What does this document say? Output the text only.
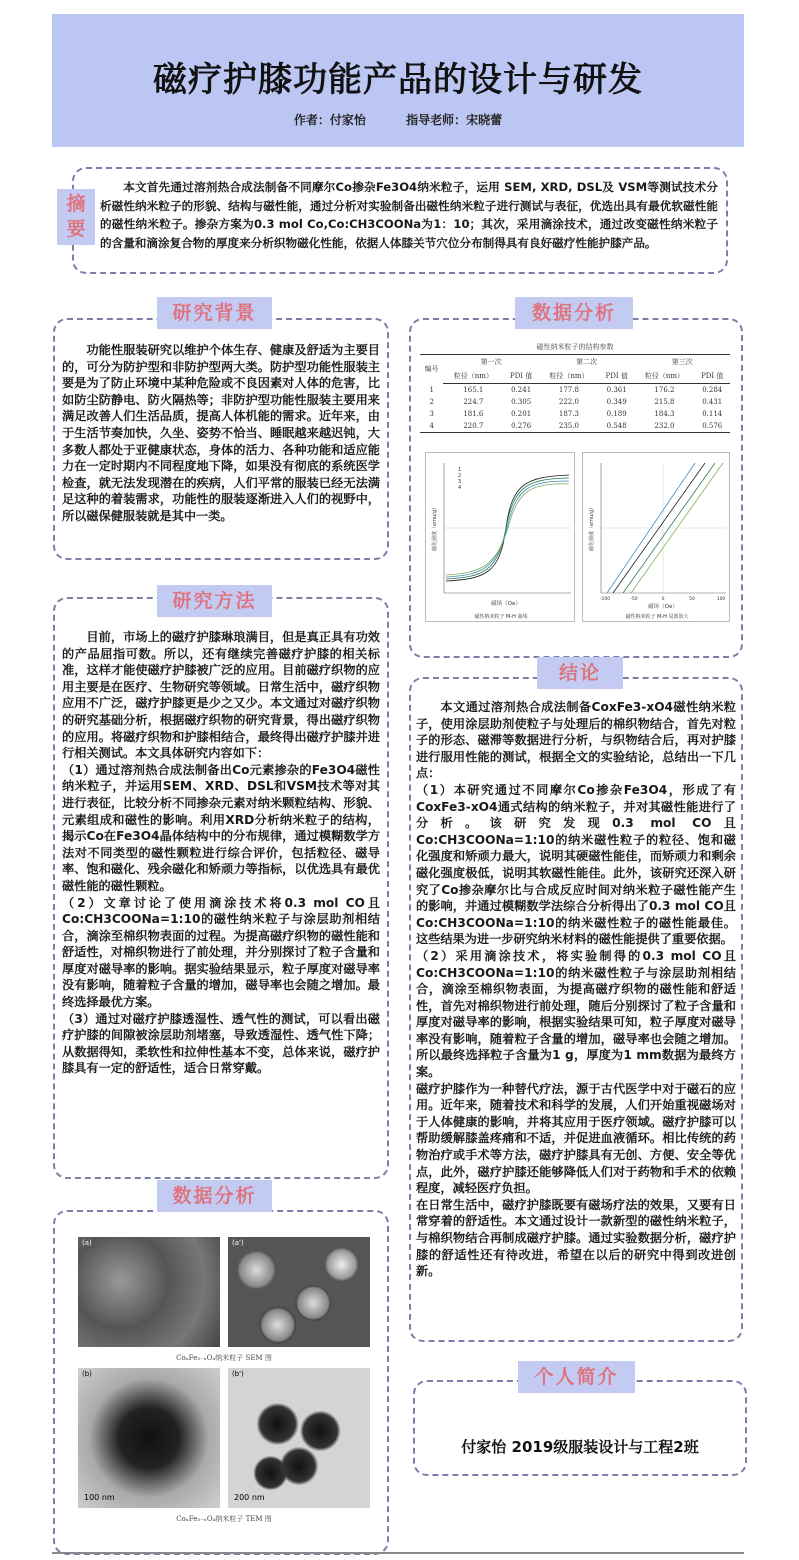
磁疗护膝功能产品的设计与研发
作者：付家怡	指导老师：宋晓蕾
摘要
本文首先通过溶剂热合成法制备不同摩尔Co掺杂Fe3O4纳米粒子，运用 SEM, XRD, DSL及 VSM等测试技术分析磁性纳米粒子的形貌、结构与磁性能，通过分析对实验制备出磁性纳米粒子进行测试与表征，优选出具有最优软磁性能的磁性纳米粒子。掺杂方案为0.3 mol Co,Co:CH3COONa为1：10；其次，采用滴涂技术，通过改变磁性纳米粒子的含量和滴涂复合物的厚度来分析织物磁化性能，依据人体膝关节穴位分布制得具有良好磁疗性能护膝产品。
研究背景
功能性服装研究以维护个体生存、健康及舒适为主要目的，可分为防护型和非防护型两大类。防护型功能性服装主要是为了防止环境中某种危险或不良因素对人体的危害，比如防尘防静电、防火隔热等；非防护型功能性服装主要用来满足改善人们生活品质，提高人体机能的需求。近年来，由于生活节奏加快，久坐、姿势不恰当、睡眠越来越迟钝，大多数人都处于亚健康状态，身体的活力、各种功能和适应能力在一定时期内不同程度地下降，如果没有彻底的系统医学检查，就无法发现潜在的疾病，人们平常的服装已经无法满足这种的着装需求，功能性的服装逐渐进入人们的视野中，所以磁保健服装就是其中一类。
研究方法

目前，市场上的磁疗护膝琳琅满目，但是真正具有功效的产品屈指可数。所以，还有继续完善磁疗护膝的相关标准，这样才能使磁疗护膝被广泛的应用。目前磁疗织物的应用主要是在医疗、生物研究等领域。日常生活中，磁疗织物应用不广泛，磁疗护膝更是少之又少。本文通过对磁疗织物的研究基础分析，根据磁疗织物的研究背景，得出磁疗织物的应用。将磁疗织物和护膝相结合，最终得出磁疗护膝并进行相关测试。本文具体研究内容如下：

（1）通过溶剂热合成法制备出Co元素掺杂的Fe3O4磁性纳米粒子，并运用SEM、XRD、DSL和VSM技术等对其进行表征，比较分析不同掺杂元素对纳米颗粒结构、形貌、元素组成和磁性的影响。利用XRD分析纳米粒子的结构，揭示Co在Fe3O4晶体结构中的分布规律，通过模糊数学方法对不同类型的磁性颗粒进行综合评价，包括粒径、磁导率、饱和磁化、残余磁化和矫顽力等指标，以优选具有最优磁性能的磁性颗粒。

（2）文章讨论了使用滴涂技术将0.3 mol CO且Co:CH3COONa=1:10的磁性纳米粒子与涂层助剂相结合，滴涂至棉织物表面的过程。为提高磁疗织物的磁性能和舒适性，对棉织物进行了前处理，并分别探讨了粒子含量和厚度对磁导率的影响。据实验结果显示，粒子厚度对磁导率没有影响，随着粒子含量的增加，磁导率也会随之增加。最终选择最优方案。

（3）通过对磁疗护膝透湿性、透气性的测试，可以看出磁疗护膝的间隙被涂层助剂堵塞，导致透湿性、透气性下降；从数据得知，柔软性和拉伸性基本不变，总体来说，磁疗护膝具有一定的舒适性，适合日常穿戴。

数据分析
(a)	(a')
CoₓFe₃₋ₓO₄纳米粒子 SEM 图
(b)
100 nm
(b')
200 nm
CoₓFe₃₋ₓO₄纳米粒子 TEM 图
数据分析
磁性纳米粒子的结构参数
编号	第一次		第二次		第三次	
	粒径（nm）	PDI 值	粒径（nm）	PDI 值	粒径（nm）	PDI 值
1	165.1	0.241	177.8	0.361	176.2	0.284
2	224.7	0.305	222.0	0.349	215.8	0.431
3	181.6	0.201	187.3	0.189	184.3	0.114
4	220.7	0.276	235.0	0.548	232.0	0.576
1
2
3
4
磁场（Oe）
磁化强度（emu/g）
磁性纳米粒子 M-H 曲线
-100	-50	0	50	100
磁场（Oe）
磁化强度（emu/g）
磁性纳米粒子 M-H 局部放大
结论

本文通过溶剂热合成法制备CoxFe3-xO4磁性纳米粒子，使用涂层助剂使粒子与处理后的棉织物结合，首先对粒子的形态、磁滞等数据进行分析，与织物结合后，再对护膝进行服用性能的测试，根据全文的实验结论，总结出一下几点：

（1）本研究通过不同摩尔Co掺杂Fe3O4，形成了有CoxFe3-xO4通式结构的纳米粒子，并对其磁性能进行了分析。该研究发现0.3 mol CO且Co:CH3COONa=1:10的纳米磁性粒子的粒径、饱和磁化强度和矫顽力最大，说明其硬磁性能佳，而矫顽力和剩余磁化强度极低，说明其软磁性能佳。此外，该研究还深入研究了Co掺杂摩尔比与合成反应时间对纳米粒子磁性能产生的影响，并通过模糊数学法综合分析得出了0.3 mol CO且Co:CH3COONa=1:10的纳米磁性粒子的磁性能最佳。这些结果为进一步研究纳米材料的磁性能提供了重要依据。

（2）采用滴涂技术，将实验制得的0.3 mol CO且Co:CH3COONa=1:10的纳米磁性粒子与涂层助剂相结合，滴涂至棉织物表面，为提高磁疗织物的磁性能和舒适性，首先对棉织物进行前处理，随后分别探讨了粒子含量和厚度对磁导率的影响，根据实验结果可知，粒子厚度对磁导率没有影响，随着粒子含量的增加，磁导率也会随之增加。所以最终选择粒子含量为1 g，厚度为1 mm数据为最终方案。

磁疗护膝作为一种替代疗法，源于古代医学中对于磁石的应用。近年来，随着技术和科学的发展，人们开始重视磁场对于人体健康的影响，并将其应用于医疗领域。磁疗护膝可以帮助缓解膝盖疼痛和不适，并促进血液循环。相比传统的药物治疗或手术等方法，磁疗护膝具有无创、方便、安全等优点，此外，磁疗护膝还能够降低人们对于药物和手术的依赖程度，减轻医疗负担。

在日常生活中，磁疗护膝既要有磁场疗法的效果，又要有日常穿着的舒适性。本文通过设计一款新型的磁性纳米粒子，与棉织物结合再制成磁疗护膝。通过实验数据分析，磁疗护膝的舒适性还有待改进，希望在以后的研究中得到改进创新。

个人简介
付家怡 2019级服装设计与工程2班
